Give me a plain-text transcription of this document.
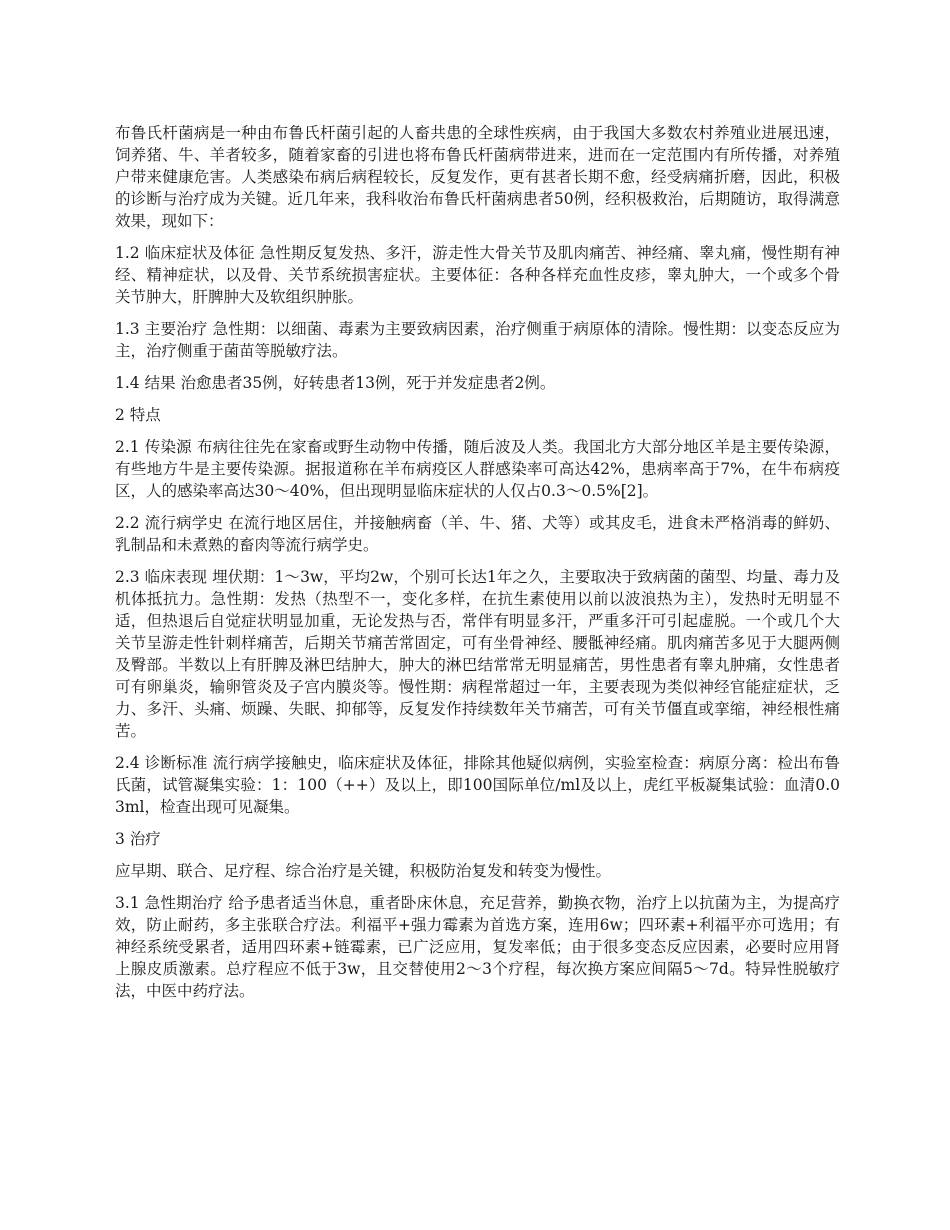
布鲁氏杆菌病是一种由布鲁氏杆菌引起的人畜共患的全球性疾病，由于我国大多数农村养殖业进展迅速，饲养猪、牛、羊者较多，随着家畜的引进也将布鲁氏杆菌病带进来，进而在一定范围内有所传播，对养殖户带来健康危害。人类感染布病后病程较长，反复发作，更有甚者长期不愈，经受病痛折磨，因此，积极的诊断与治疗成为关键。近几年来，我科收治布鲁氏杆菌病患者50例，经积极救治，后期随访，取得满意效果，现如下：

1.2 临床症状及体征 急性期反复发热、多汗，游走性大骨关节及肌肉痛苦、神经痛、睾丸痛，慢性期有神经、精神症状，以及骨、关节系统损害症状。主要体征：各种各样充血性皮疹，睾丸肿大，一个或多个骨关节肿大，肝脾肿大及软组织肿胀。

1.3 主要治疗 急性期：以细菌、毒素为主要致病因素，治疗侧重于病原体的清除。慢性期：以变态反应为主，治疗侧重于菌苗等脱敏疗法。

1.4 结果 治愈患者35例，好转患者13例，死于并发症患者2例。

2 特点

2.1 传染源 布病往往先在家畜或野生动物中传播，随后波及人类。我国北方大部分地区羊是主要传染源，有些地方牛是主要传染源。据报道称在羊布病疫区人群感染率可高达42%，患病率高于7%，在牛布病疫区，人的感染率高达30～40%，但出现明显临床症状的人仅占0.3～0.5%[2]。

2.2 流行病学史 在流行地区居住，并接触病畜（羊、牛、猪、犬等）或其皮毛，进食未严格消毒的鲜奶、乳制品和未煮熟的畜肉等流行病学史。

2.3 临床表现 埋伏期：1～3w，平均2w，个别可长达1年之久，主要取决于致病菌的菌型、均量、毒力及机体抵抗力。急性期：发热（热型不一，变化多样，在抗生素使用以前以波浪热为主），发热时无明显不适，但热退后自觉症状明显加重，无论发热与否，常伴有明显多汗，严重多汗可引起虚脱。一个或几个大关节呈游走性针刺样痛苦，后期关节痛苦常固定，可有坐骨神经、腰骶神经痛。肌肉痛苦多见于大腿两侧及臀部。半数以上有肝脾及淋巴结肿大，肿大的淋巴结常常无明显痛苦，男性患者有睾丸肿痛，女性患者可有卵巢炎，输卵管炎及子宫内膜炎等。慢性期：病程常超过一年，主要表现为类似神经官能症症状，乏力、多汗、头痛、烦躁、失眠、抑郁等，反复发作持续数年关节痛苦，可有关节僵直或挛缩，神经根性痛苦。

2.4 诊断标准 流行病学接触史，临床症状及体征，排除其他疑似病例，实验室检查：病原分离：检出布鲁氏菌，试管凝集实验：1：100（++）及以上，即100国际单位/ml及以上，虎红平板凝集试验：血清0.03ml，检查出现可见凝集。

3 治疗

应早期、联合、足疗程、综合治疗是关键，积极防治复发和转变为慢性。

3.1 急性期治疗 给予患者适当休息，重者卧床休息，充足营养，勤换衣物，治疗上以抗菌为主，为提高疗效，防止耐药，多主张联合疗法。利福平+强力霉素为首选方案，连用6w；四环素+利福平亦可选用；有神经系统受累者，适用四环素+链霉素，已广泛应用，复发率低；由于很多变态反应因素，必要时应用肾上腺皮质激素。总疗程应不低于3w，且交替使用2～3个疗程，每次换方案应间隔5～7d。特异性脱敏疗法，中医中药疗法。
